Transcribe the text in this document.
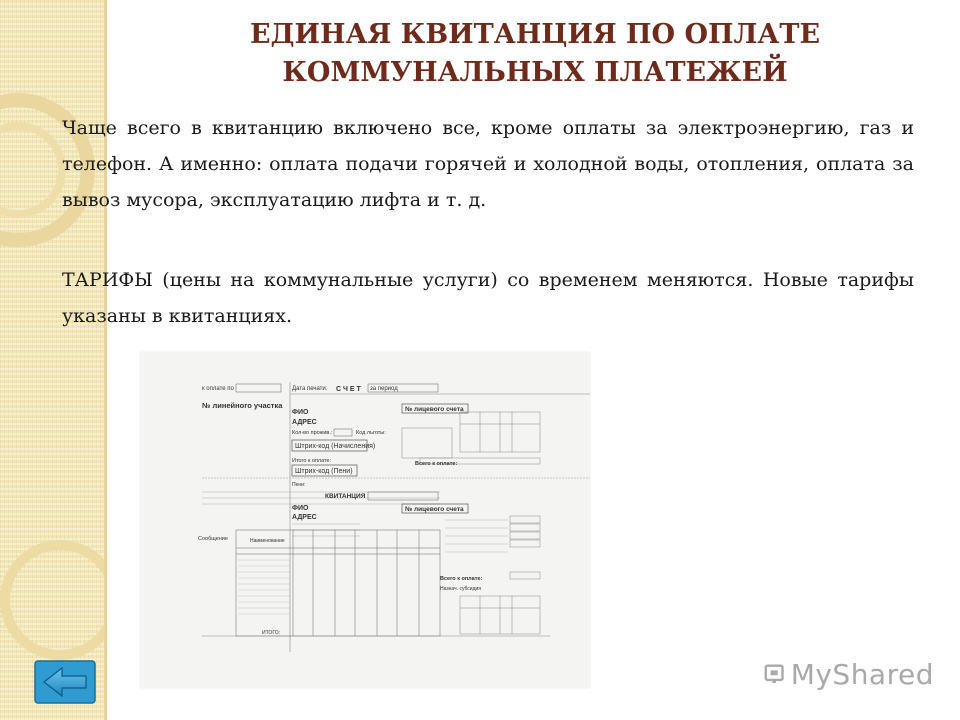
ЕДИНАЯ КВИТАНЦИЯ ПО ОПЛАТЕ
КОММУНАЛЬНЫХ ПЛАТЕЖЕЙ

Чаще всего в квитанцию включено все, кроме оплаты за электроэнергию, газ и телефон. А именно: оплата подачи горячей и холодной воды, отопления, оплата за вывоз мусора, эксплуатацию лифта и т. д.

ТАРИФЫ (цены на коммунальные услуги) со временем меняются. Новые тарифы указаны в квитанциях.

к оплате по	Дата печати: С Ч Е Т за период
№ линейного участка
ФИО
АДРЕС
Кол-во прожив.:	Код льготы:
№ лицевого счета
Штрих-код (Начисления)
Итого к оплате:
Штрих-код (Пени)
Всего к оплате:
Пени:
КВИТАНЦИЯ
ФИО
АДРЕС
№ лицевого счета
Сообщение	Наименование
ИТОГО:
Всего к оплате:
Назнач. субсидия
MyShared
